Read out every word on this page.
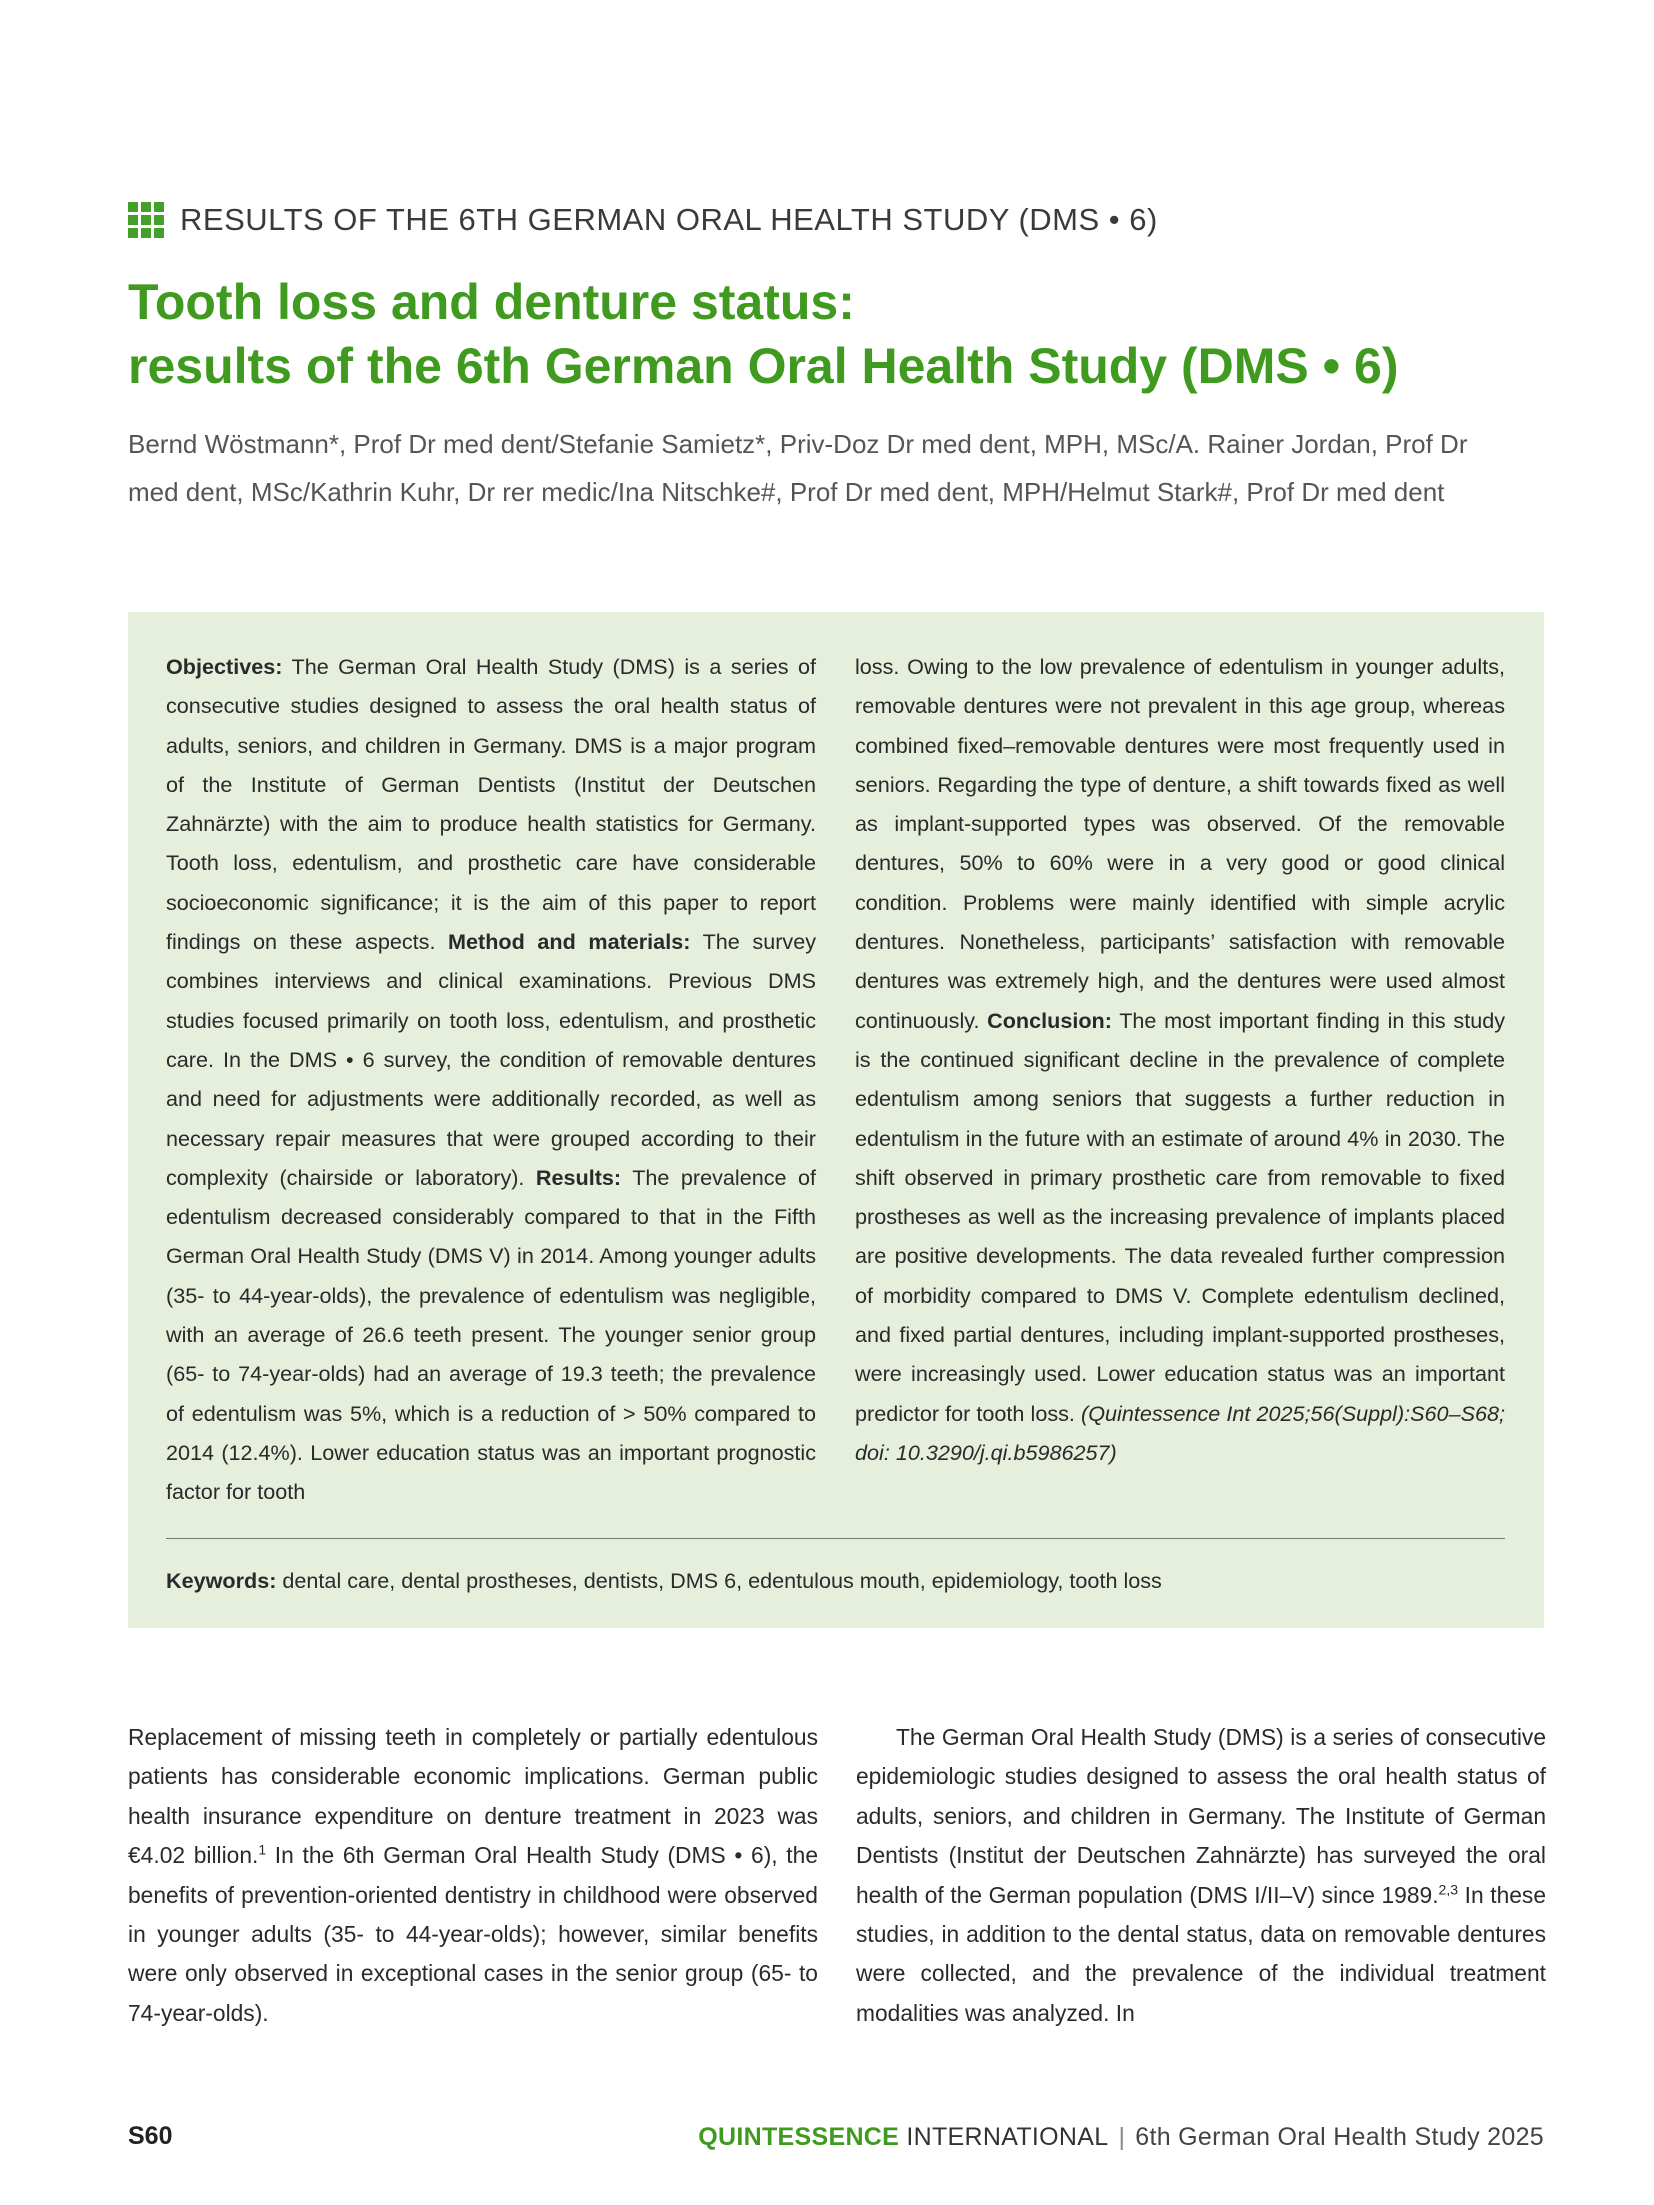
RESULTS OF THE 6TH GERMAN ORAL HEALTH STUDY (DMS • 6)
Tooth loss and denture status:
results of the 6th German Oral Health Study (DMS • 6)
Bernd Wöstmann*, Prof Dr med dent/Stefanie Samietz*, Priv-Doz Dr med dent, MPH, MSc/A. Rainer Jordan, Prof Dr
med dent, MSc/Kathrin Kuhr, Dr rer medic/Ina Nitschke#, Prof Dr med dent, MPH/Helmut Stark#, Prof Dr med dent
Objectives: The German Oral Health Study (DMS) is a series of consecutive studies designed to assess the oral health status of adults, seniors, and children in Germany. DMS is a major program of the Institute of German Dentists (Institut der Deutschen Zahnärzte) with the aim to produce health statistics for Germany. Tooth loss, edentulism, and prosthetic care have considerable socioeconomic significance; it is the aim of this paper to report findings on these aspects. Method and materials: The survey combines interviews and clinical examinations. Previous DMS studies focused primarily on tooth loss, edentulism, and prosthetic care. In the DMS • 6 survey, the condition of removable dentures and need for adjustments were additionally recorded, as well as necessary repair measures that were grouped according to their complexity (chairside or laboratory). Results: The prevalence of edentulism decreased considerably compared to that in the Fifth German Oral Health Study (DMS V) in 2014. Among younger adults (35- to 44-year-olds), the prevalence of edentulism was negligible, with an average of 26.6 teeth present. The younger senior group (65- to 74-year-olds) had an average of 19.3 teeth; the prevalence of edentulism was 5%, which is a reduction of > 50% compared to 2014 (12.4%). Lower education status was an important prognostic factor for tooth
loss. Owing to the low prevalence of edentulism in younger adults, removable dentures were not prevalent in this age group, whereas combined fixed–removable dentures were most frequently used in seniors. Regarding the type of denture, a shift towards fixed as well as implant-supported types was observed. Of the removable dentures, 50% to 60% were in a very good or good clinical condition. Problems were mainly identified with simple acrylic dentures. Nonetheless, participants’ satisfaction with removable dentures was extremely high, and the dentures were used almost continuously. Conclusion: The most important finding in this study is the continued significant decline in the prevalence of complete edentulism among seniors that suggests a further reduction in edentulism in the future with an estimate of around 4% in 2030. The shift observed in primary prosthetic care from removable to fixed prostheses as well as the increasing prevalence of implants placed are positive developments. The data revealed further compression of morbidity compared to DMS V. Complete edentulism declined, and fixed partial dentures, including implant-supported prostheses, were increasingly used. Lower education status was an important predictor for tooth loss. (Quintessence Int 2025;56(Suppl):S60–S68; doi: 10.3290/j.qi.b5986257)
Keywords: dental care, dental prostheses, dentists, DMS 6, edentulous mouth, epidemiology, tooth loss
Replacement of missing teeth in completely or partially edentulous patients has considerable economic implications. German public health insurance expenditure on denture treatment in 2023 was €4.02 billion.$^1$ In the 6th German Oral Health Study (DMS • 6), the benefits of prevention-oriented dentistry in childhood were observed in younger adults (35- to 44-year-olds); however, similar benefits were only observed in exceptional cases in the senior group (65- to 74-year-olds).
The German Oral Health Study (DMS) is a series of consecutive epidemiologic studies designed to assess the oral health status of adults, seniors, and children in Germany. The Institute of German Dentists (Institut der Deutschen Zahnärzte) has surveyed the oral health of the German population (DMS I/II–V) since 1989.$^{2,3}$ In these studies, in addition to the dental status, data on removable dentures were collected, and the prevalence of the individual treatment modalities was analyzed. In
S60	QUINTESSENCE INTERNATIONAL | 6th German Oral Health Study 2025
